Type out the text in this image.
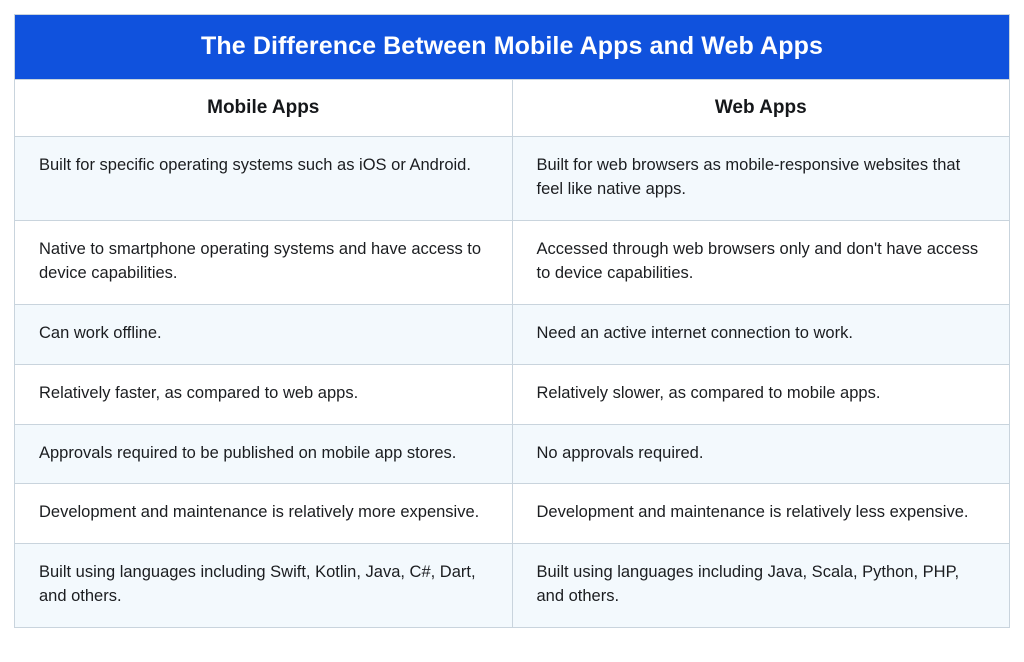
The Difference Between Mobile Apps and Web Apps	

Mobile Apps	Web Apps
Built for specific operating systems such as iOS or Android.	Built for web browsers as mobile-responsive websites that feel like native apps.
Native to smartphone operating systems and have access to device capabilities.	Accessed through web browsers only and don't have access to device capabilities.
Can work offline.	Need an active internet connection to work.
Relatively faster, as compared to web apps.	Relatively slower, as compared to mobile apps.
Approvals required to be published on mobile app stores.	No approvals required.
Development and maintenance is relatively more expensive.	Development and maintenance is relatively less expensive.
Built using languages including Swift, Kotlin, Java, C#, Dart, and others.	Built using languages including Java, Scala, Python, PHP, and others.
